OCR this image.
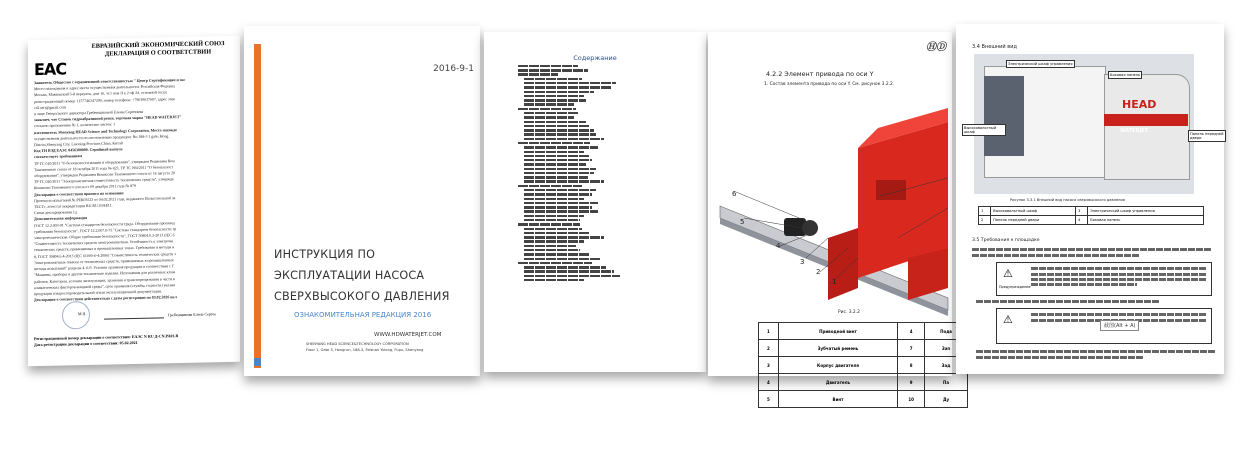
ЕВРАЗИЙСКИЙ ЭКОНОМИЧЕСКИЙ СОЮЗ
ДЕКЛАРАЦИЯ О СООТВЕТСТВИИ
ЕАС
Заявитель Общество с ограниченной ответственностью " Центр Сертификации и экс
Место нахождения и адрес места осуществления деятельности: Российская Федерац
Москва, Маяковский 5-й переулок, дом 16, эт.1 пом II к 2 оф 24, основной госуд
регистрационный номер: 1157746347299, номер телефона: +79639637607, адрес элек
cril.sert@gmail.com
в лице Генерального директора Гребенщиковой Елены Сергеевны
заявляет, что Станок гидроабразивной резки, торговая марка "HEAD WATERJET"
согласно приложению № 1, количество листов: 1
изготовитель Shenyang HEAD Science and Technology Corporation. Место нахожде
осуществления деятельности по изготовлению продукции: No.188-3 1 gate, Hong
District,Shenyang City, Liaoning Province,China, Китай
Код ТН ВЭД ЕАЭС 8456300000. Серийный выпуск
соответствует требованиям
ТР ТС 010/2011 "О безопасности машин и оборудования", утвержден Решением Ком
Таможенного союза от 18 октября 2011 года № 823, ТР ТС 004/2011 "О безопасност
оборудования", утвержден Решением Комиссии Таможенного союза от 16 августа 20
ТР ТС 020/2011 "Электромагнитная совместимость технических средств", утвержде
Комиссии Таможенного союза от 09 декабря 2011 года № 879
Декларация о соответствии принята на основании
Протокола испытаний № РЕК03523 от 04.02.2021 года, выданного Испытательной ла
ТЕСТ», аттестат аккредитации RU.RU.03АБ11.
Схема декларирования 1д
Дополнительная информация
ГОСТ 12.2.003-91 "Система стандартов безопасности труда. Оборудование производ
требования безопасности", ГОСТ 12.2.007.0-75 "Система стандартов безопасности тр
электротехнические. Общие требования безопасности", ГОСТ 30804.6.2-2013 (IEC 6
"Совместимость технических средств электромагнитная. Устойчивость к электрома
технических средств, применяемых в промышленных зонах. Требования и методы и
8, ГОСТ 30804.6.4-2013 (IEC 61000-6-4:2006) "Совместимость технических средств э
Электромагнитные помехи от технических средств, применяемых в промышленных
методы испытаний" разделы 4, 6-9. Условия хранения продукции в соответствии с Г
"Машины, приборы и другие технические изделия. Исполнения для различных клим
районов. Категории, условия эксплуатации, хранения и транспортирования в части в
климатических факторов внешней среды", срок хранения (службы, годности) указыв
продукции товаросопроводительной и/или эксплуатационной документации.
Декларация о соответствии действительна с даты регистрации по 03.02.2026 вкл
М.П.	Гребенщикова Елена Сергее
Регистрационный номер декларации о соответствии: ЕАЭС N RU Д-CN.PA01.B
Дата регистрации декларации о соответствии: 05.02.2021
2016-9-1
ИНСТРУКЦИЯ ПО
ЭКСПЛУАТАЦИИ НАСОСА
СВЕРХВЫСОКОГО ДАВЛЕНИЯ
ОЗНАКОМИТЕЛЬНАЯ РЕДАКЦИЯ 2016
WWW.HDWATERJET.COM
SHENYANG HEAD SCIENCE&TECHNOLOGY CORPORATION
Floor 1, Gate 3, Hongrun, 168-3, Feishan Yulong, Fupu, Shenyang
Содержание
ⒽⒹ
4.2.2 Элемент привода по оси Y
1. Состав элемента привода по оси Y. См. рисунок 3.2.2.
1
2
3
4
5
6
Рис. 3.2.2
1	Приводной винт	4	Подв
2	Зубчатый ремень	7	Зап
3	Корпус двигателя	8	Зад
4	Двигатель	9	Па
5	Винт	10	Ду
3.4 Внешний вид
HEAD
WATERJET
Электрический шкаф управления
Боковая панель
Высоковольтный шкаф	Панель передней двери
Рисунок 3.3.1 Внешний вид насоса сверхвысокого давления
1	Высоковольтный шкаф	3	Электрический шкаф управления
2	Панель передней двери	4	Боковая панель
3.5 Требования к площадке
⚠
Предупреждение
⚠	截图(Alt + A)
